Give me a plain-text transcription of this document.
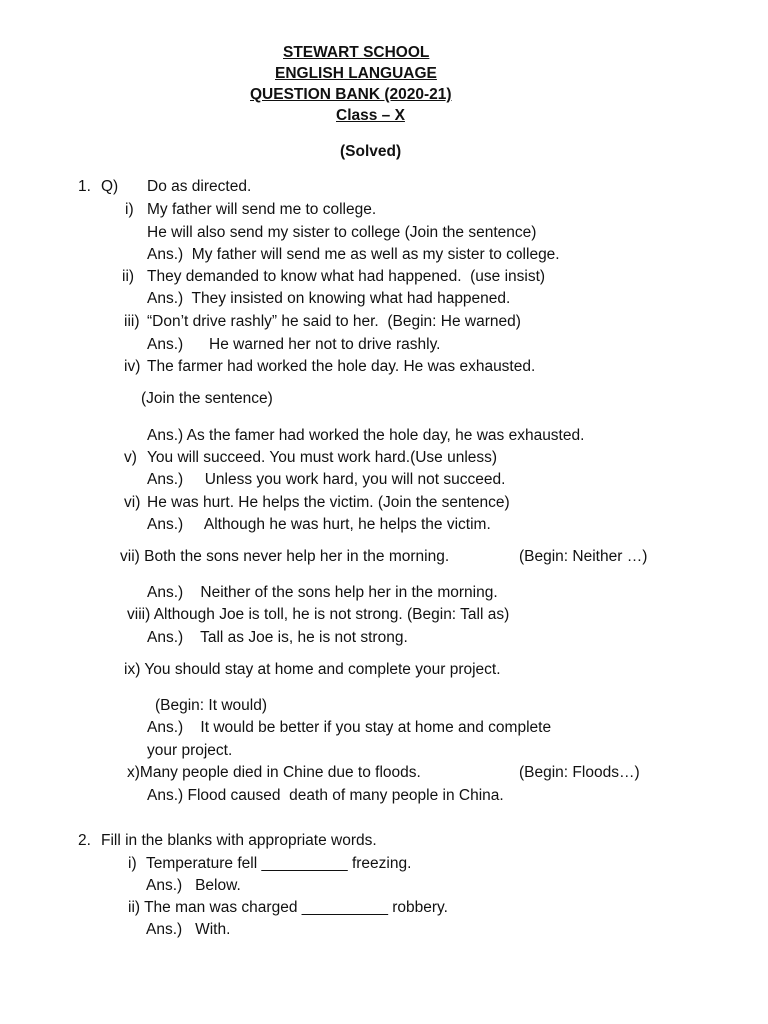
STEWART SCHOOL
ENGLISH LANGUAGE
QUESTION BANK (2020-21)
Class – X
(Solved)
1. Q) Do as directed.
i) My father will send me to college.
He will also send my sister to college (Join the sentence)
Ans.)  My father will send me as well as my sister to college.
ii) They demanded to know what had happened.  (use insist)
Ans.)  They insisted on knowing what had happened.
iii) “Don’t drive rashly” he said to her.  (Begin: He warned)
Ans.)      He warned her not to drive rashly.
iv) The farmer had worked the hole day. He was exhausted.
(Join the sentence)
Ans.) As the famer had worked the hole day, he was exhausted.
v) You will succeed. You must work hard.(Use unless)
Ans.)     Unless you work hard, you will not succeed.
vi) He was hurt. He helps the victim. (Join the sentence)
Ans.)     Although he was hurt, he helps the victim.
vii) Both the sons never help her in the morning.	(Begin: Neither …)
Ans.)    Neither of the sons help her in the morning.
viii) Although Joe is toll, he is not strong. (Begin: Tall as)
Ans.)    Tall as Joe is, he is not strong.
ix) You should stay at home and complete your project.
(Begin: It would)
Ans.)    It would be better if you stay at home and complete
your project.
x)Many people died in Chine due to floods.	(Begin: Floods…)
Ans.) Flood caused  death of many people in China.
2. Fill in the blanks with appropriate words.
i) Temperature fell __________ freezing.
Ans.)   Below.
ii) The man was charged __________ robbery.
Ans.)   With.
